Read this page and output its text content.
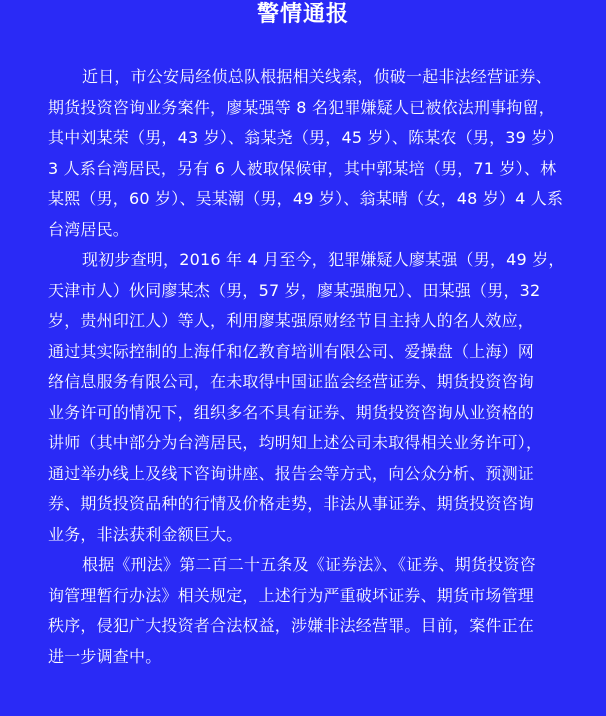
警情通报

近日，市公安局经侦总队根据相关线索，侦破一起非法经营证券、
期货投资咨询业务案件，廖某强等 8 名犯罪嫌疑人已被依法刑事拘留，
其中刘某荣（男，43 岁）、翁某尧（男，45 岁）、陈某农（男，39 岁）
3 人系台湾居民，另有 6 人被取保候审，其中郭某培（男，71 岁）、林
某熙（男，60 岁）、吴某潮（男，49 岁）、翁某晴（女，48 岁）4 人系
台湾居民。

现初步查明，2016 年 4 月至今，犯罪嫌疑人廖某强（男，49 岁，
天津市人）伙同廖某杰（男，57 岁，廖某强胞兄）、田某强（男，32
岁，贵州印江人）等人，利用廖某强原财经节目主持人的名人效应，
通过其实际控制的上海仟和亿教育培训有限公司、爱操盘（上海）网
络信息服务有限公司，在未取得中国证监会经营证券、期货投资咨询
业务许可的情况下，组织多名不具有证券、期货投资咨询从业资格的
讲师（其中部分为台湾居民，均明知上述公司未取得相关业务许可），
通过举办线上及线下咨询讲座、报告会等方式，向公众分析、预测证
券、期货投资品种的行情及价格走势，非法从事证券、期货投资咨询
业务，非法获利金额巨大。

根据《刑法》第二百二十五条及《证券法》、《证券、期货投资咨
询管理暂行办法》相关规定，上述行为严重破坏证券、期货市场管理
秩序，侵犯广大投资者合法权益，涉嫌非法经营罪。目前，案件正在
进一步调查中。
